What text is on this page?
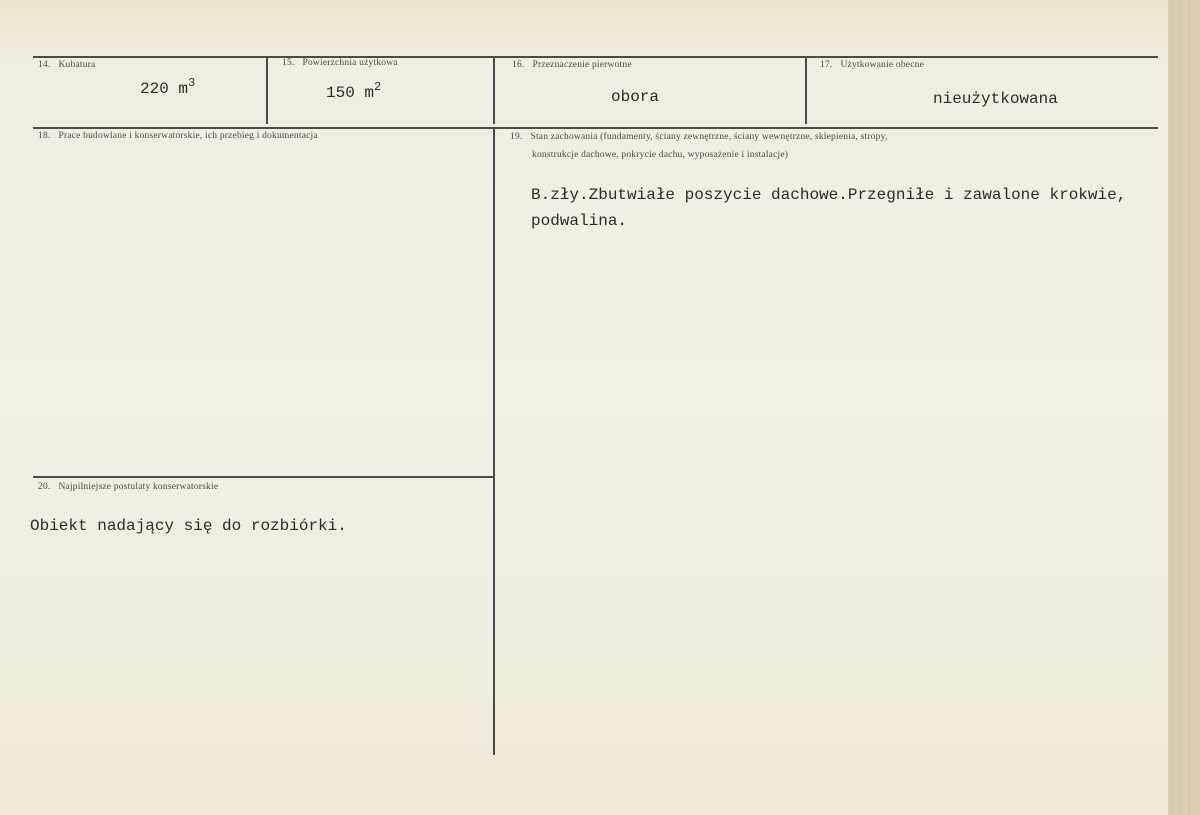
14. Kubatura
220 $m^3$
15. Powierzchnia użytkowa
150 $m^2$
16. Przeznaczenie pierwotne
obora
17. Użytkowanie obecne
nieużytkowana
18. Prace budowlane i konserwatorskie, ich przebieg i dokumentacja	19. Stan zachowania (fundamenty, ściany zewnętrzne, ściany wewnętrzne, sklepienia, stropy,
konstrukcje dachowe, pokrycie dachu, wyposażenie i instalacje)
B.zły.Zbutwiałe poszycie dachowe.Przegniłe i zawalone krokwie,
podwalina.
20. Najpilniejsze postulaty konserwatorskie
Obiekt nadający się do rozbiórki.
